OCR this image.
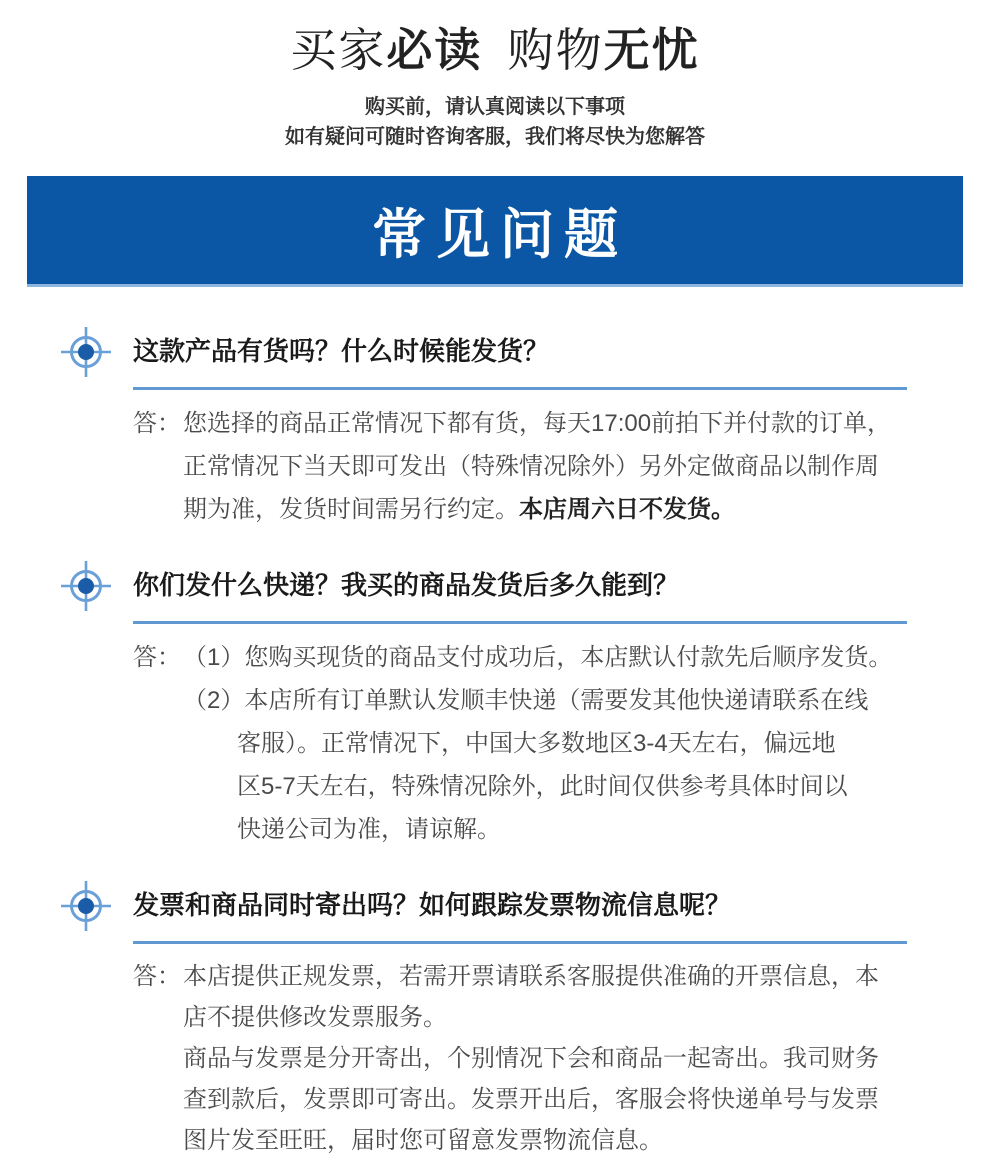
买家必读 购物无忧

购买前，请认真阅读以下事项

如有疑问可随时咨询客服，我们将尽快为您解答

常见问题
这款产品有货吗？什么时候能发货？
答： 您选择的商品正常情况下都有货，每天17:00前拍下并付款的订单，
正常情况下当天即可发出（特殊情况除外）另外定做商品以制作周
期为准，发货时间需另行约定。本店周六日不发货。
你们发什么快递？我买的商品发货后多久能到？
答： （1）您购买现货的商品支付成功后，本店默认付款先后顺序发货。
（2）本店所有订单默认发顺丰快递（需要发其他快递请联系在线
客服）。正常情况下，中国大多数地区3-4天左右，偏远地
区5-7天左右，特殊情况除外，此时间仅供参考具体时间以
快递公司为准，请谅解。
发票和商品同时寄出吗？如何跟踪发票物流信息呢？
答： 本店提供正规发票，若需开票请联系客服提供准确的开票信息，本
店不提供修改发票服务。
商品与发票是分开寄出，个别情况下会和商品一起寄出。我司财务
查到款后，发票即可寄出。发票开出后，客服会将快递单号与发票
图片发至旺旺，届时您可留意发票物流信息。
